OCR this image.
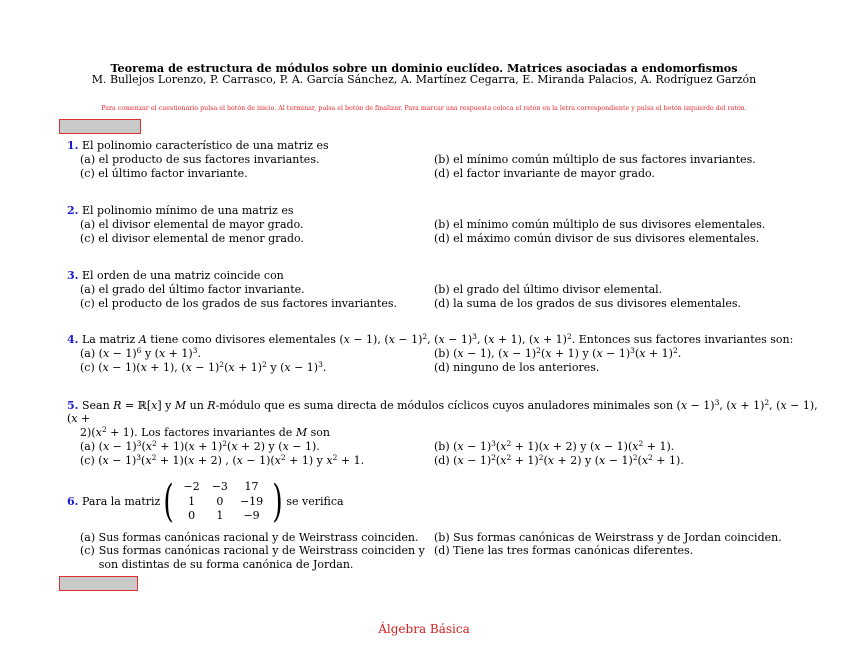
Teorema de estructura de módulos sobre un dominio euclídeo. Matrices asociadas a endomorfismos
M. Bullejos Lorenzo, P. Carrasco, P. A. García Sánchez, A. Martínez Cegarra, E. Miranda Palacios, A. Rodríguez Garzón
Para comenzar el cuestionario pulsa el botón de inicio. Al terminar, pulsa el botón de finalizar. Para marcar una respuesta coloca el ratón en la letra correspondiente y pulsa el botón izquierdo del ratón.
1. El polinomio característico de una matriz es
(a) el producto de sus factores invariantes.	(b) el mínimo común múltiplo de sus factores invariantes.
(c) el último factor invariante.	(d) el factor invariante de mayor grado.
2. El polinomio mínimo de una matriz es
(a) el divisor elemental de mayor grado.	(b) el mínimo común múltiplo de sus divisores elementales.
(c) el divisor elemental de menor grado.	(d) el máximo común divisor de sus divisores elementales.
3. El orden de una matriz coincide con
(a) el grado del último factor invariante.	(b) el grado del último divisor elemental.
(c) el producto de los grados de sus factores invariantes.	(d) la suma de los grados de sus divisores elementales.
4. La matriz A tiene como divisores elementales (x − 1), $(x - 1)^2$, $(x - 1)^3$, (x + 1), $(x + 1)^2$. Entonces sus factores invariantes son:
(a) $(x - 1)^6$ y $(x + 1)^3$.	(b) (x − 1), $(x - 1)^2(x + 1)$ y $(x - 1)^3(x + 1)^2$.
(c) (x − 1)(x + 1), $(x - 1)^2(x + 1)^2$ y $(x - 1)^3$.	(d) ninguno de los anteriores.
5. Sean R = ℝ[x] y M un R-módulo que es suma directa de módulos cíclicos cuyos anuladores minimales son $(x - 1)^3$, $(x + 1)^2$, (x − 1), (x +
$2)(x^2 + 1)$. Los factores invariantes de M son
(a) $(x - 1)^3(x^2 + 1)(x + 1)^2(x + 2)$ y (x − 1).	(b) $(x - 1)^3(x^2 + 1)(x + 2)$ y $(x - 1)(x^2 + 1)$.
(c) $(x - 1)^3(x^2 + 1)(x + 2)$ , $(x - 1)(x^2 + 1)$ y $x^2 + 1$.	(d) $(x - 1)^2(x^2 + 1)^2(x + 2)$ y $(x - 1)^2(x^2 + 1)$.
6.
Para la matriz ( −2	−3	17
1	0	−19
0	1	−9 ) se verifica
(a) Sus formas canónicas racional y de Weirstrass coinciden.	(b) Sus formas canónicas de Weirstrass y de Jordan coinciden.
(c) Sus formas canónicas racional y de Weirstrass coinciden y son distintas de su forma canónica de Jordan.
(d) Tiene las tres formas canónicas diferentes.
Álgebra Básica
